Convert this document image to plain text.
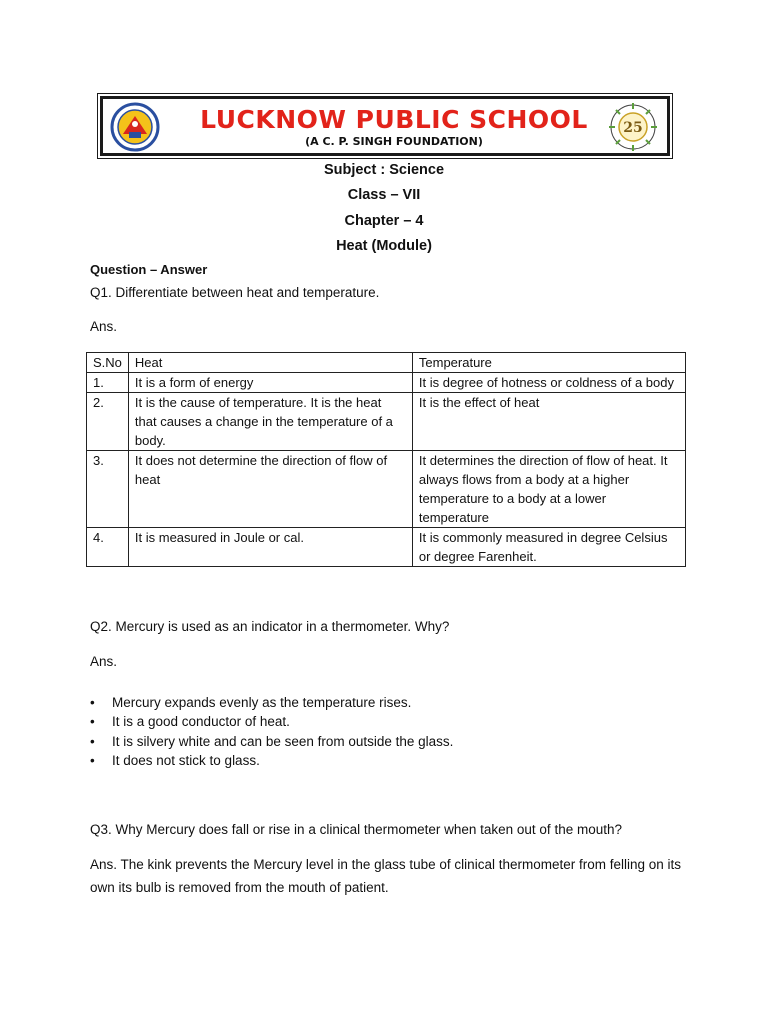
LUCKNOW PUBLIC SCHOOL
(A C. P. SINGH FOUNDATION)
25
Subject : Science
Class – VII
Chapter – 4
Heat (Module)
Question – Answer
Q1. Differentiate between heat and temperature.
Ans.
S.No	Heat	Temperature
1.	It is a form of energy	It is degree of hotness or coldness of a body
2.	It is the cause of temperature. It is the heat that causes a change in the temperature of a body.	It is the effect of heat
3.	It does not determine the direction of flow of heat	It determines the direction of flow of heat. It always flows from a body at a higher temperature to a body at a lower temperature
4.	It is measured in Joule or cal.	It is commonly measured in degree Celsius or degree Farenheit.
Q2. Mercury is used as an indicator in a thermometer. Why?
Ans.
• Mercury expands evenly as the temperature rises.
• It is a good conductor of heat.
• It is silvery white and can be seen from outside the glass.
• It does not stick to glass.
Q3. Why Mercury does fall or rise in a clinical thermometer when taken out of the mouth?
Ans. The kink prevents the Mercury level in the glass tube of clinical thermometer from felling on its own its bulb is removed from the mouth of patient.
